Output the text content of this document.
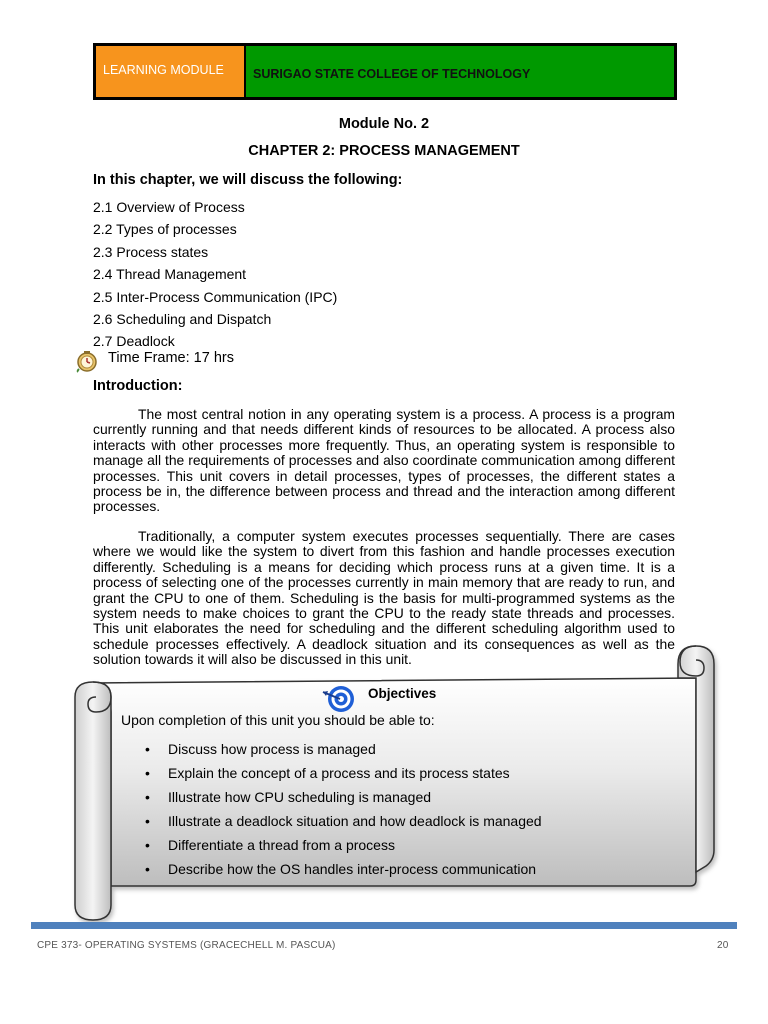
LEARNING MODULE	SURIGAO STATE COLLEGE OF TECHNOLOGY
Module No. 2
CHAPTER 2: PROCESS MANAGEMENT
In this chapter, we will discuss the following:
2.1 Overview of Process
2.2 Types of processes
2.3 Process states
2.4 Thread Management
2.5 Inter-Process Communication (IPC)
2.6 Scheduling and Dispatch
2.7 Deadlock
Time Frame: 17 hrs
Introduction:

The most central notion in any operating system is a process. A process is a program currently running and that needs different kinds of resources to be allocated. A process also interacts with other processes more frequently. Thus, an operating system is responsible to manage all the requirements of processes and also coordinate communication among different processes. This unit covers in detail processes, types of processes, the different states a process be in, the difference between process and thread and the interaction among different processes.

Traditionally, a computer system executes processes sequentially. There are cases where we would like the system to divert from this fashion and handle processes execution differently. Scheduling is a means for deciding which process runs at a given time. It is a process of selecting one of the processes currently in main memory that are ready to run, and grant the CPU to one of them. Scheduling is the basis for multi-programmed systems as the system needs to make choices to grant the CPU to the ready state threads and processes. This unit elaborates the need for scheduling and the different scheduling algorithm used to schedule processes effectively. A deadlock situation and its consequences as well as the solution towards it will also be discussed in this unit.

Objectives
Upon completion of this unit you should be able to:
•	Discuss how process is managed
•	Explain the concept of a process and its process states
•	Illustrate how CPU scheduling is managed
•	Illustrate a deadlock situation and how deadlock is managed
•	Differentiate a thread from a process
•	Describe how the OS handles inter-process communication
CPE 373- OPERATING SYSTEMS (GRACECHELL M. PASCUA)	20
